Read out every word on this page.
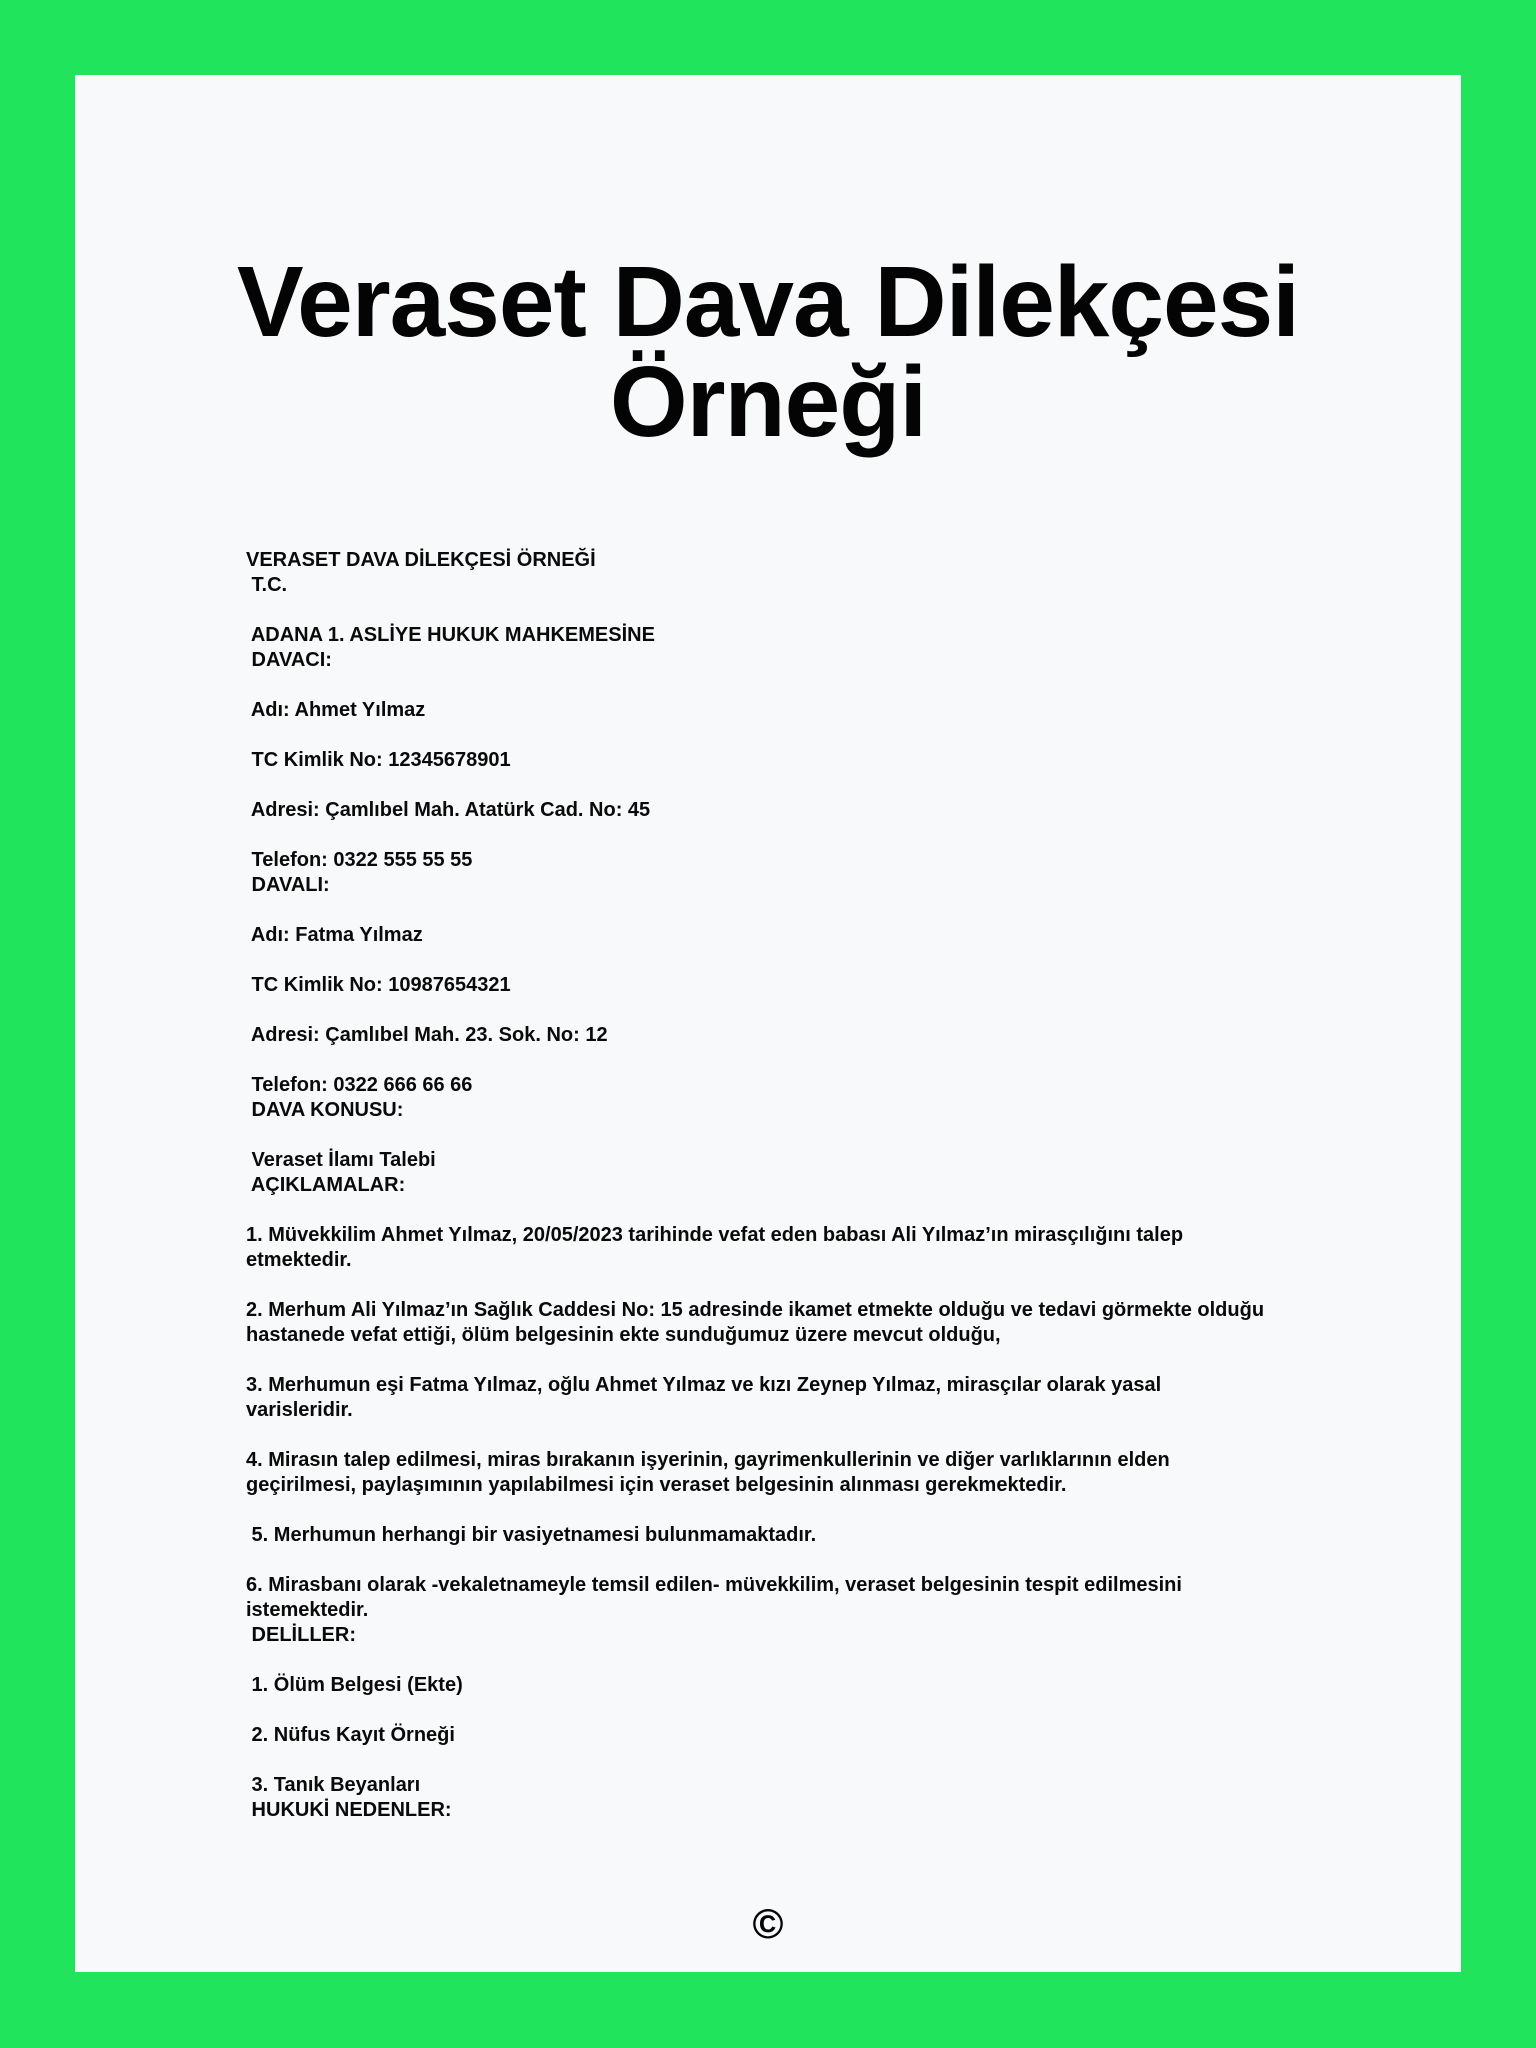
Veraset Dava Dilekçesi
Örneği
VERASET DAVA DİLEKÇESİ ÖRNEĞİ
T.C.
ADANA 1. ASLİYE HUKUK MAHKEMESİNE
DAVACI:
Adı: Ahmet Yılmaz
TC Kimlik No: 12345678901
Adresi: Çamlıbel Mah. Atatürk Cad. No: 45
Telefon: 0322 555 55 55
DAVALI:
Adı: Fatma Yılmaz
TC Kimlik No: 10987654321
Adresi: Çamlıbel Mah. 23. Sok. No: 12
Telefon: 0322 666 66 66
DAVA KONUSU:
Veraset İlamı Talebi
AÇIKLAMALAR:
1. Müvekkilim Ahmet Yılmaz, 20/05/2023 tarihinde vefat eden babası Ali Yılmaz’ın mirasçılığını talep
etmektedir.
2. Merhum Ali Yılmaz’ın Sağlık Caddesi No: 15 adresinde ikamet etmekte olduğu ve tedavi görmekte olduğu
hastanede vefat ettiği, ölüm belgesinin ekte sunduğumuz üzere mevcut olduğu,
3. Merhumun eşi Fatma Yılmaz, oğlu Ahmet Yılmaz ve kızı Zeynep Yılmaz, mirasçılar olarak yasal
varisleridir.
4. Mirasın talep edilmesi, miras bırakanın işyerinin, gayrimenkullerinin ve diğer varlıklarının elden
geçirilmesi, paylaşımının yapılabilmesi için veraset belgesinin alınması gerekmektedir.
5. Merhumun herhangi bir vasiyetnamesi bulunmamaktadır.
6. Mirasbanı olarak -vekaletnameyle temsil edilen- müvekkilim, veraset belgesinin tespit edilmesini
istemektedir.
DELİLLER:
1. Ölüm Belgesi (Ekte)
2. Nüfus Kayıt Örneği
3. Tanık Beyanları
HUKUKİ NEDENLER:
©
